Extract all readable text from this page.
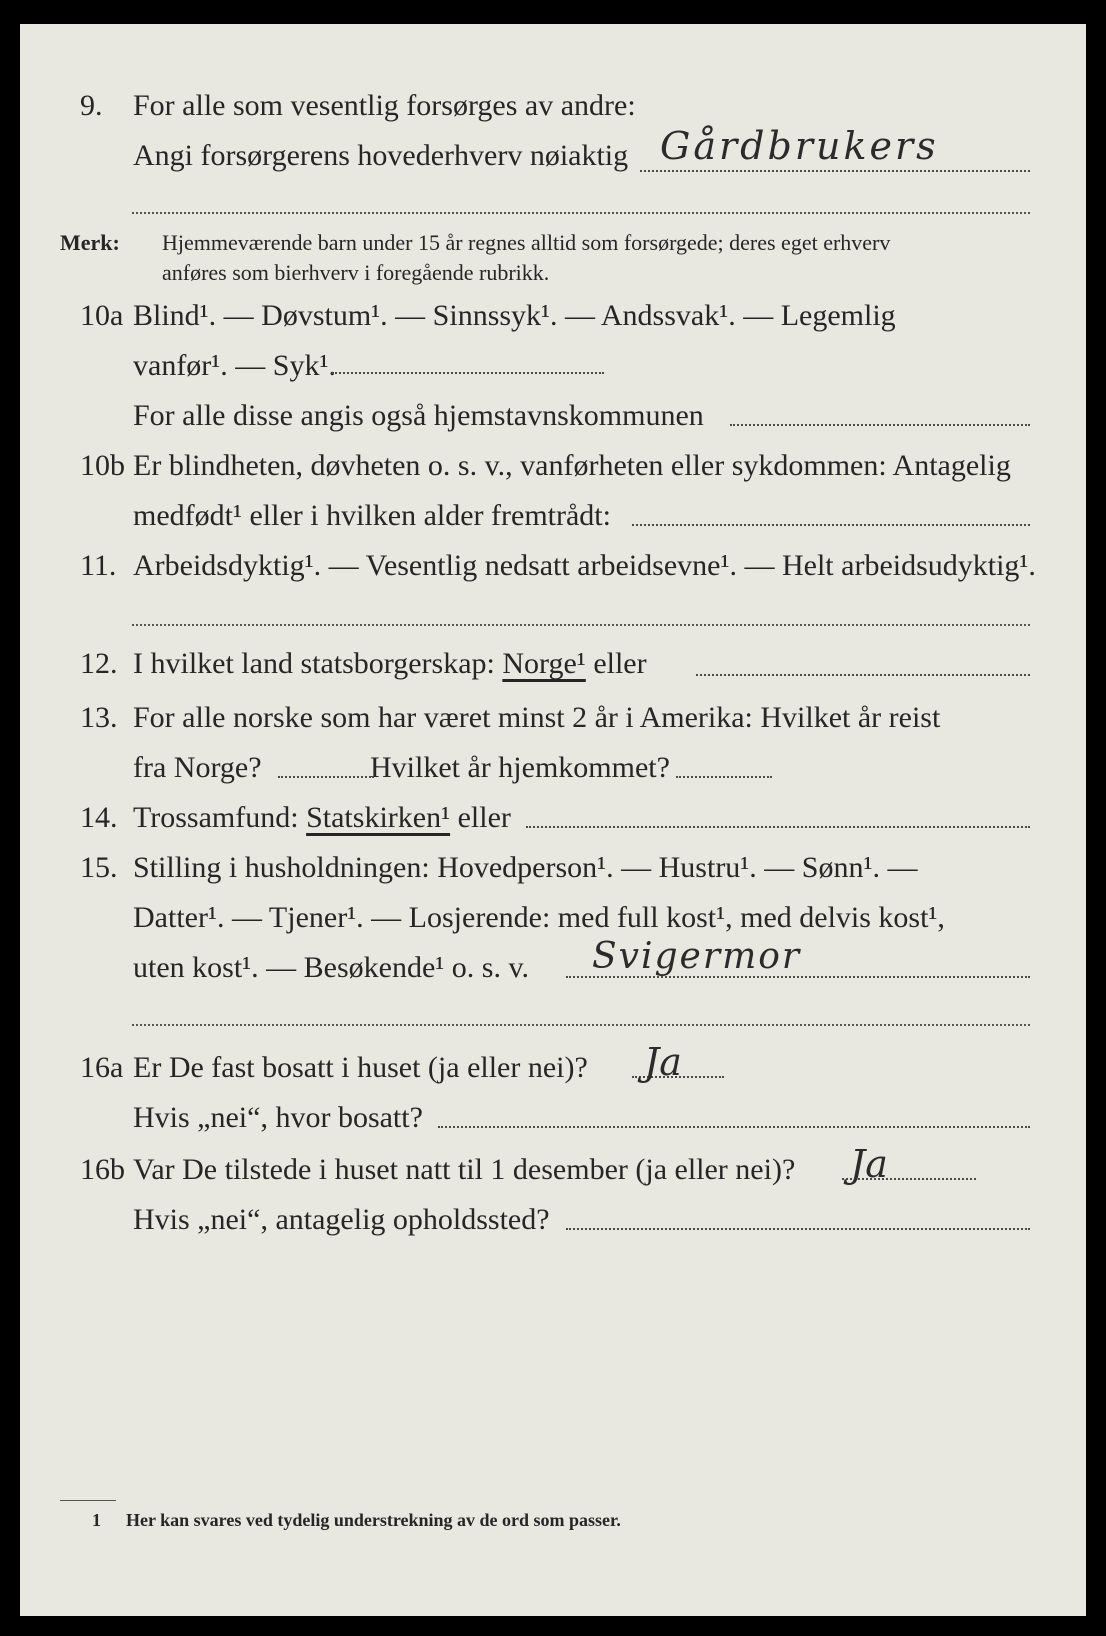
9. For alle som vesentlig forsørges av andre:
Angi forsørgerens hovederhverv nøiaktig Gårdbrukers
Merk: Hjemmeværende barn under 15 år regnes alltid som forsørgede; deres eget erhverv
anføres som bierhverv i foregående rubrikk.
10a Blind¹. — Døvstum¹. — Sinnssyk¹. — Andssvak¹. — Legemlig
vanfør¹. — Syk¹.
For alle disse angis også hjemstavnskommunen
10b Er blindheten, døvheten o. s. v., vanførheten eller sykdommen: Antagelig
medfødt¹ eller i hvilken alder fremtrådt:
11. Arbeidsdyktig¹. — Vesentlig nedsatt arbeidsevne¹. — Helt arbeidsudyktig¹.
12. I hvilket land statsborgerskap: Norge¹ eller
13. For alle norske som har været minst 2 år i Amerika: Hvilket år reist
fra Norge?	Hvilket år hjemkommet?
14. Trossamfund: Statskirken¹ eller
15. Stilling i husholdningen: Hovedperson¹. — Hustru¹. — Sønn¹. —
Datter¹. — Tjener¹. — Losjerende: med full kost¹, med delvis kost¹,
uten kost¹. — Besøkende¹ o. s. v. Svigermor
16a Er De fast bosatt i huset (ja eller nei)? Ja
Hvis „nei“, hvor bosatt?
16b Var De tilstede i huset natt til 1 desember (ja eller nei)? Ja
Hvis „nei“, antagelig opholdssted?
1 Her kan svares ved tydelig understrekning av de ord som passer.
